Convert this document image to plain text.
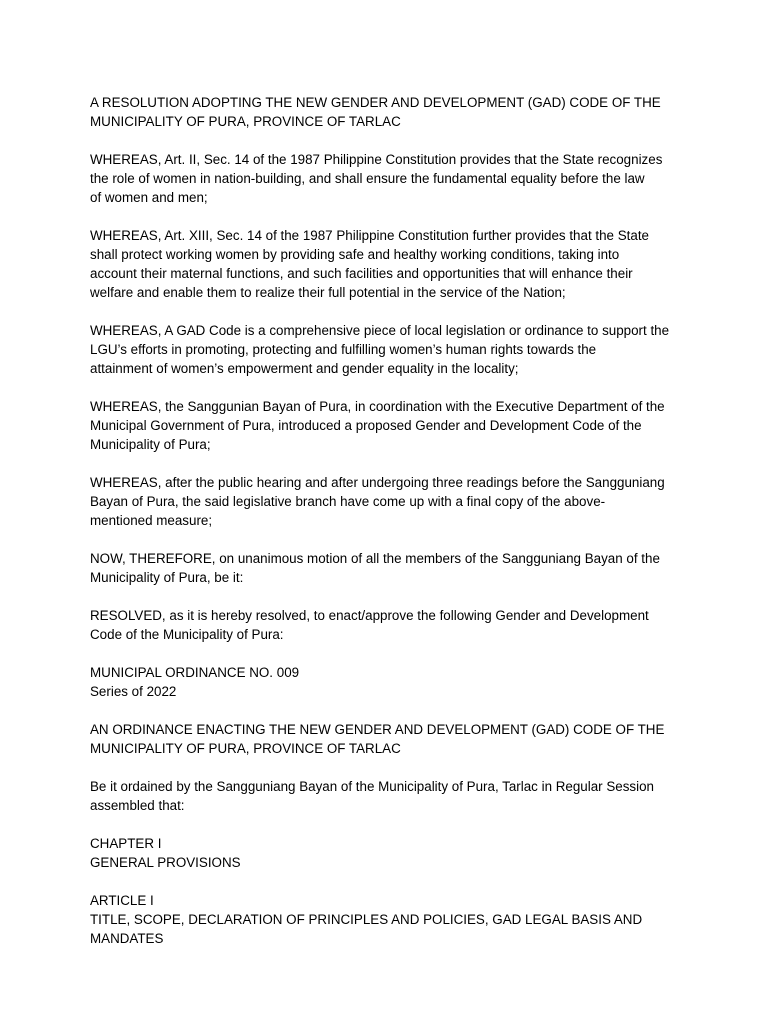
A RESOLUTION ADOPTING THE NEW GENDER AND DEVELOPMENT (GAD) CODE OF THE
MUNICIPALITY OF PURA, PROVINCE OF TARLAC

WHEREAS, Art. II, Sec. 14 of the 1987 Philippine Constitution provides that the State recognizes
the role of women in nation-building, and shall ensure the fundamental equality before the law
of women and men;

WHEREAS, Art. XIII, Sec. 14 of the 1987 Philippine Constitution further provides that the State
shall protect working women by providing safe and healthy working conditions, taking into
account their maternal functions, and such facilities and opportunities that will enhance their
welfare and enable them to realize their full potential in the service of the Nation;

WHEREAS, A GAD Code is a comprehensive piece of local legislation or ordinance to support the
LGU’s efforts in promoting, protecting and fulfilling women’s human rights towards the
attainment of women’s empowerment and gender equality in the locality;

WHEREAS, the Sanggunian Bayan of Pura, in coordination with the Executive Department of the
Municipal Government of Pura, introduced a proposed Gender and Development Code of the
Municipality of Pura;

WHEREAS, after the public hearing and after undergoing three readings before the Sangguniang
Bayan of Pura, the said legislative branch have come up with a final copy of the above-
mentioned measure;

NOW, THEREFORE, on unanimous motion of all the members of the Sangguniang Bayan of the
Municipality of Pura, be it:

RESOLVED, as it is hereby resolved, to enact/approve the following Gender and Development
Code of the Municipality of Pura:

MUNICIPAL ORDINANCE NO. 009
Series of 2022

AN ORDINANCE ENACTING THE NEW GENDER AND DEVELOPMENT (GAD) CODE OF THE
MUNICIPALITY OF PURA, PROVINCE OF TARLAC

Be it ordained by the Sangguniang Bayan of the Municipality of Pura, Tarlac in Regular Session
assembled that:

CHAPTER I
GENERAL PROVISIONS

ARTICLE I
TITLE, SCOPE, DECLARATION OF PRINCIPLES AND POLICIES, GAD LEGAL BASIS AND MANDATES
